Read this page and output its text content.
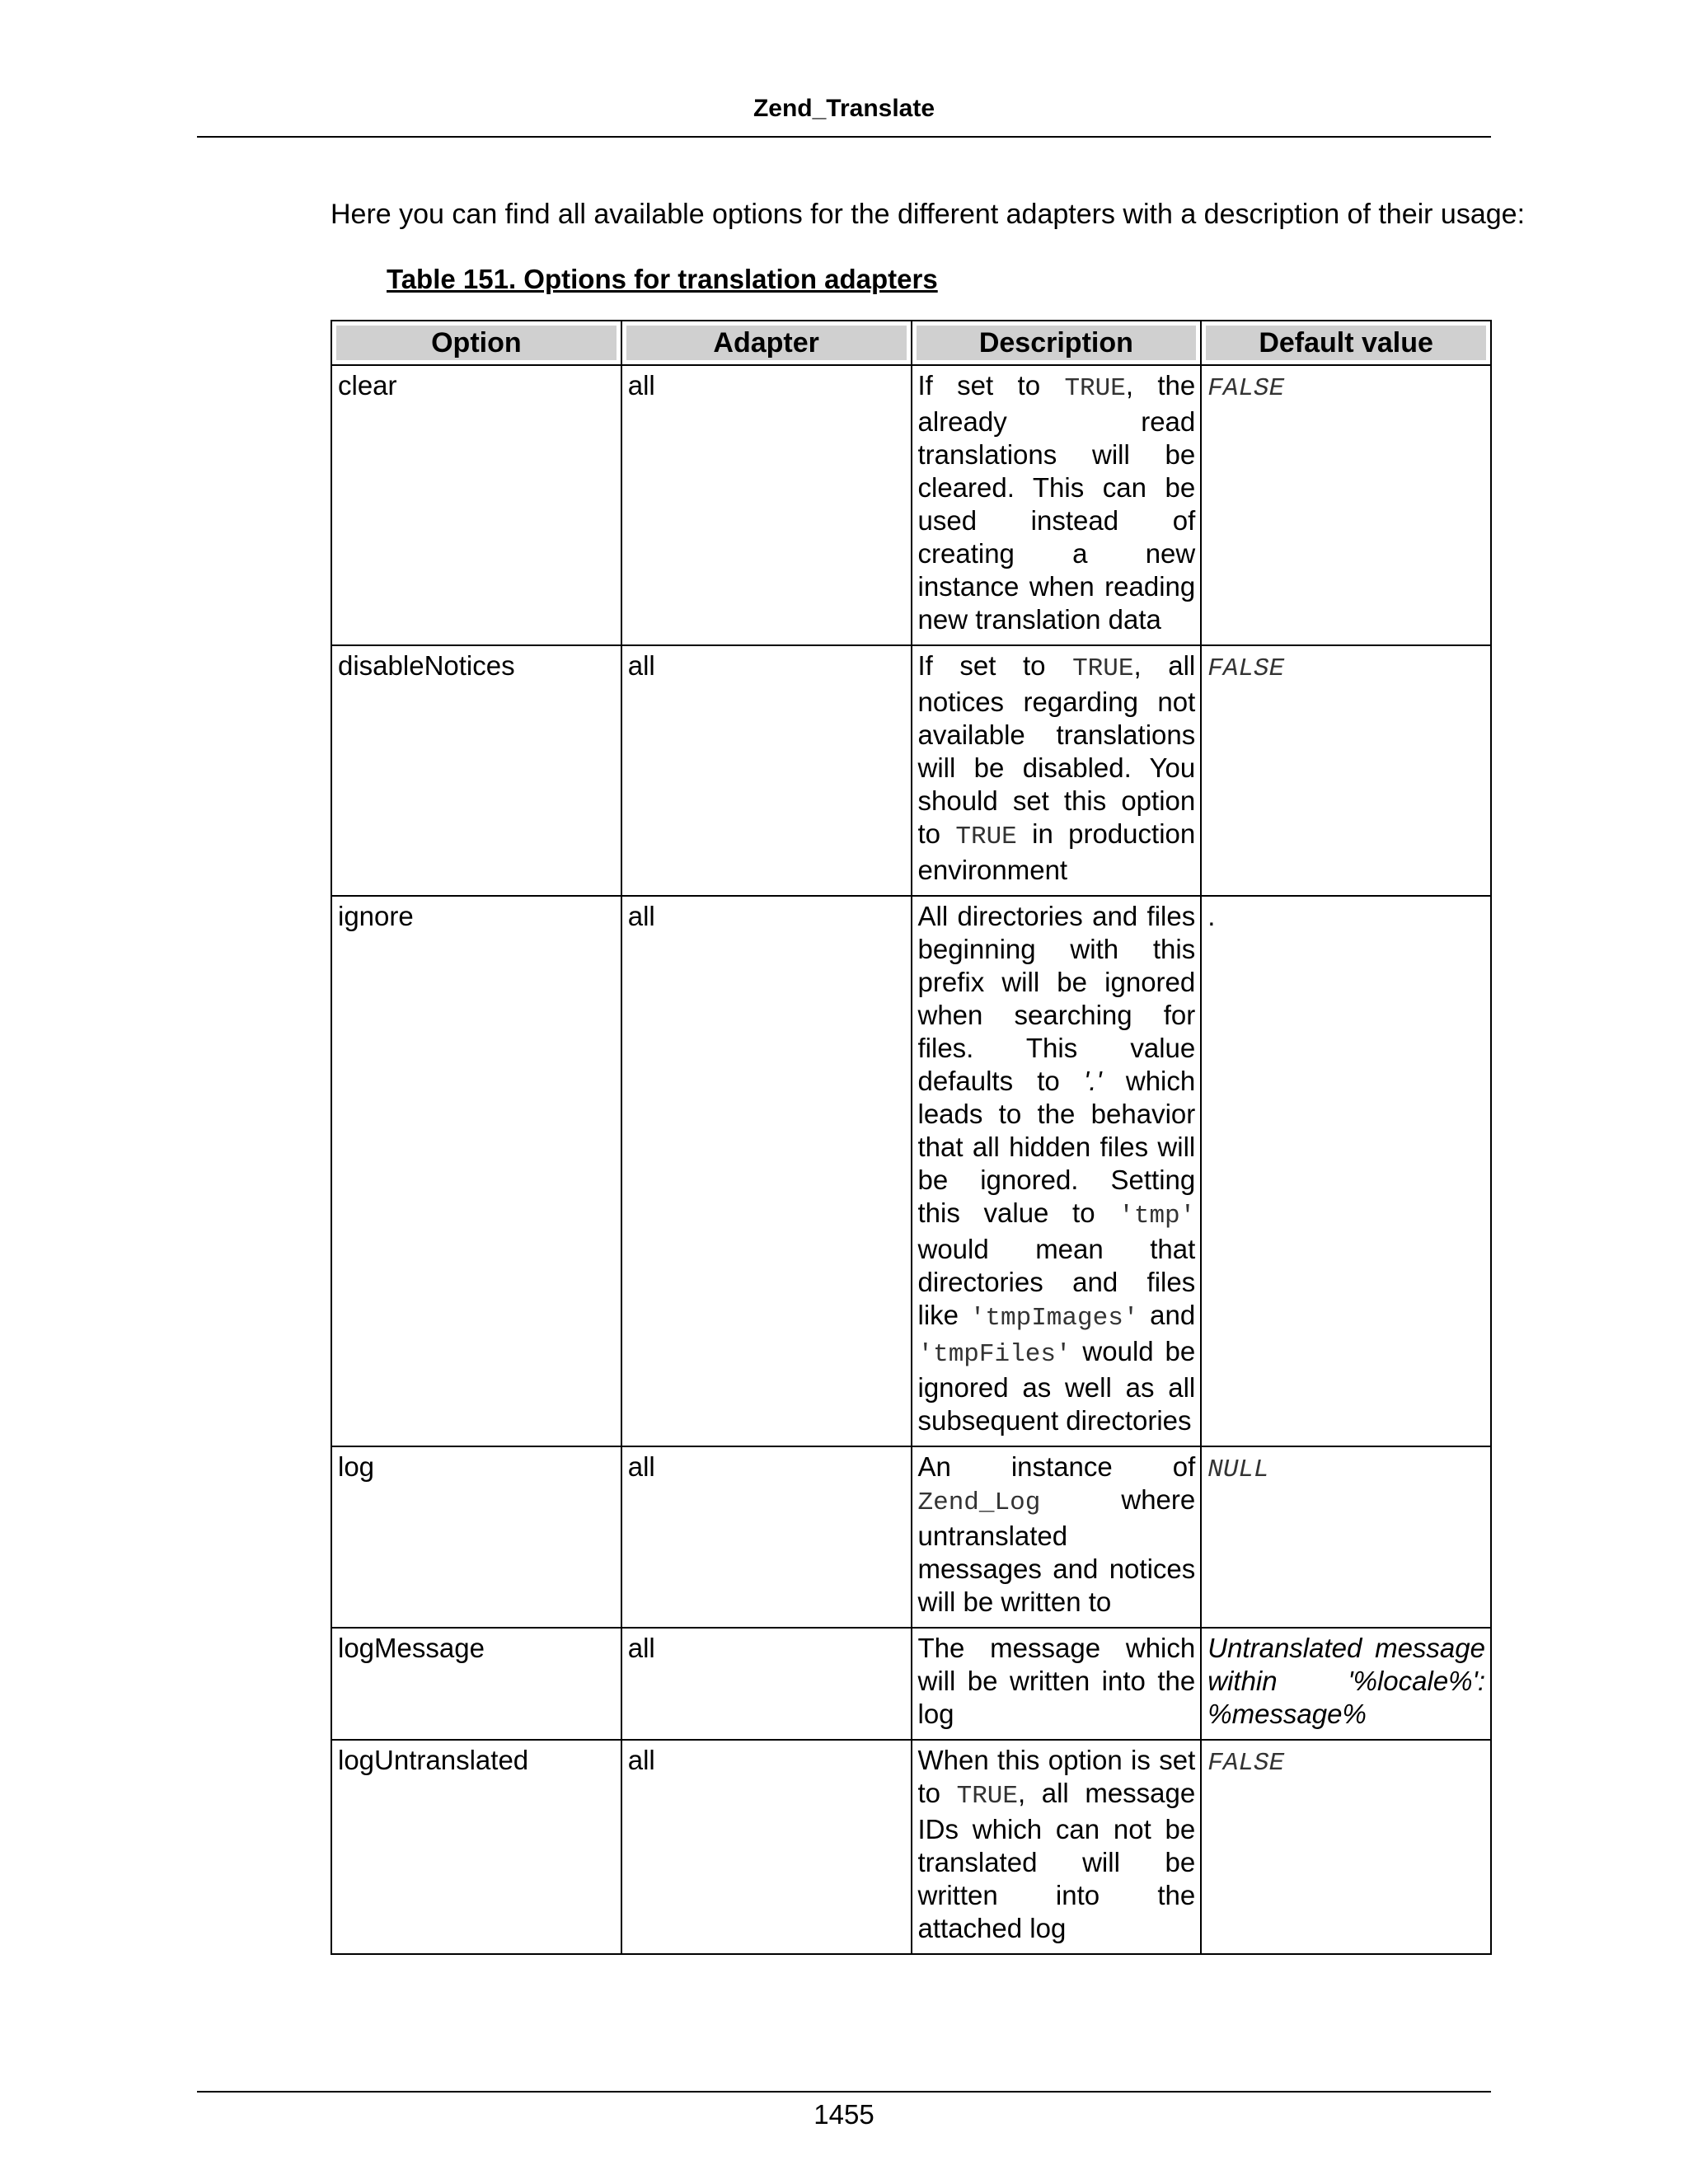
Zend_Translate
Here you can find all available options for the different adapters with a description of their usage:
Table 151. Options for translation adapters
Option	Adapter	Description	Default value

clear	all	If set to TRUE, the already read translations will be cleared. This can be used instead of creating a new instance when reading new translation data	FALSE
disableNotices	all	If set to TRUE, all notices regarding not available translations will be disabled. You should set this option to TRUE in production environment	FALSE
ignore	all	All directories and files beginning with this prefix will be ignored when searching for files. This value defaults to '.' which leads to the behavior that all hidden files will be ignored. Setting this value to 'tmp' would mean that directories and files like 'tmpImages' and 'tmpFiles' would be ignored as well as all subsequent directories	.
log	all	An instance of Zend_Log where untranslated messages and notices will be written to	NULL
logMessage	all	The message which will be written into the log	Untranslated message within '%locale%': %message%
logUntranslated	all	When this option is set to TRUE, all message IDs which can not be translated will be written into the attached log	FALSE
1455
